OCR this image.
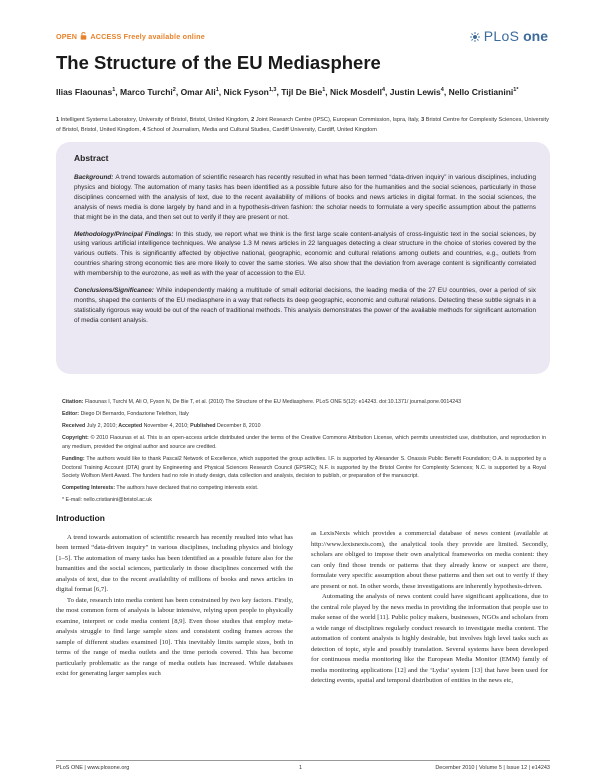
OPEN ACCESS Freely available online	PLoS one
The Structure of the EU Mediasphere
Ilias Flaounas$^1$, Marco Turchi$^2$, Omar Ali$^1$, Nick Fyson$^{1,3}$, Tijl De Bie$^1$, Nick Mosdell$^4$, Justin Lewis$^4$, Nello Cristianini$^{1*}$
1 Intelligent Systems Laboratory, University of Bristol, Bristol, United Kingdom, 2 Joint Research Centre (IPSC), European Commission, Ispra, Italy, 3 Bristol Centre for Complexity Sciences, University of Bristol, Bristol, United Kingdom, 4 School of Journalism, Media and Cultural Studies, Cardiff University, Cardiff, United Kingdom
Abstract
Background: A trend towards automation of scientific research has recently resulted in what has been termed “data-driven inquiry” in various disciplines, including physics and biology. The automation of many tasks has been identified as a possible future also for the humanities and the social sciences, particularly in those disciplines concerned with the analysis of text, due to the recent availability of millions of books and news articles in digital format. In the social sciences, the analysis of news media is done largely by hand and in a hypothesis-driven fashion: the scholar needs to formulate a very specific assumption about the patterns that might be in the data, and then set out to verify if they are present or not.
Methodology/Principal Findings: In this study, we report what we think is the first large scale content-analysis of cross-linguistic text in the social sciences, by using various artificial intelligence techniques. We analyse 1.3 M news articles in 22 languages detecting a clear structure in the choice of stories covered by the various outlets. This is significantly affected by objective national, geographic, economic and cultural relations among outlets and countries, e.g., outlets from countries sharing strong economic ties are more likely to cover the same stories. We also show that the deviation from average content is significantly correlated with membership to the eurozone, as well as with the year of accession to the EU.
Conclusions/Significance: While independently making a multitude of small editorial decisions, the leading media of the 27 EU countries, over a period of six months, shaped the contents of the EU mediasphere in a way that reflects its deep geographic, economic and cultural relations. Detecting these subtle signals in a statistically rigorous way would be out of the reach of traditional methods. This analysis demonstrates the power of the available methods for significant automation of media content analysis.
Citation: Flaounas I, Turchi M, Ali O, Fyson N, De Bie T, et al. (2010) The Structure of the EU Mediasphere. PLoS ONE 5(12): e14243. doi:10.1371/ journal.pone.0014243
Editor: Diego Di Bernardo, Fondazione Telethon, Italy
Received July 2, 2010; Accepted November 4, 2010; Published December 8, 2010
Copyright: © 2010 Flaounas et al. This is an open-access article distributed under the terms of the Creative Commons Attribution License, which permits unrestricted use, distribution, and reproduction in any medium, provided the original author and source are credited.
Funding: The authors would like to thank Pascal2 Network of Excellence, which supported the group activities. I.F. is supported by Alexander S. Onassis Public Benefit Foundation; O.A. is supported by a Doctoral Training Account (DTA) grant by Engineering and Physical Sciences Research Council (EPSRC); N.F. is supported by the Bristol Centre for Complexity Sciences; N.C. is supported by a Royal Society Wolfson Merit Award. The funders had no role in study design, data collection and analysis, decision to publish, or preparation of the manuscript.
Competing Interests: The authors have declared that no competing interests exist.
* E-mail: nello.cristianini@bristol.ac.uk
Introduction

A trend towards automation of scientific research has recently resulted into what has been termed “data-driven inquiry” in various disciplines, including physics and biology [1–5]. The automation of many tasks has been identified as a possible future also for the humanities and the social sciences, particularly in those disciplines concerned with the analysis of text, due to the recent availability of millions of books and news articles in digital format [6,7].

To date, research into media content has been constrained by two key factors. Firstly, the most common form of analysis is labour intensive, relying upon people to physically examine, interpret or code media content [8,9]. Even those studies that employ meta-analysis struggle to find large sample sizes and consistent coding frames across the sample of different studies examined [10]. This inevitably limits sample sizes, both in terms of the range of media outlets and the time periods covered. This has become particularly problematic as the range of media outlets has increased. While databases exist for generating larger samples such

as LexisNexis which provides a commercial database of news content (available at http://www.lexisnexis.com), the analytical tools they provide are limited. Secondly, scholars are obliged to impose their own analytical frameworks on media content: they can only find those trends or patterns that they already know or suspect are there, formulate very specific assumption about these patterns and then set out to verify if they are present or not. In other words, these investigations are inherently hypothesis-driven.

Automating the analysis of news content could have significant applications, due to the central role played by the news media in providing the information that people use to make sense of the world [11]. Public policy makers, businesses, NGOs and scholars from a wide range of disciplines regularly conduct research to investigate media content. The automation of content analysis is highly desirable, but involves high level tasks such as detection of topic, style and possibly translation. Several systems have been developed for continuous media monitoring like the European Media Monitor (EMM) family of media monitoring applications [12] and the ‘Lydia’ system [13] that have been used for detecting events, spatial and temporal distribution of entities in the news etc,

PLoS ONE | www.plosone.org	1	December 2010 | Volume 5 | Issue 12 | e14243
